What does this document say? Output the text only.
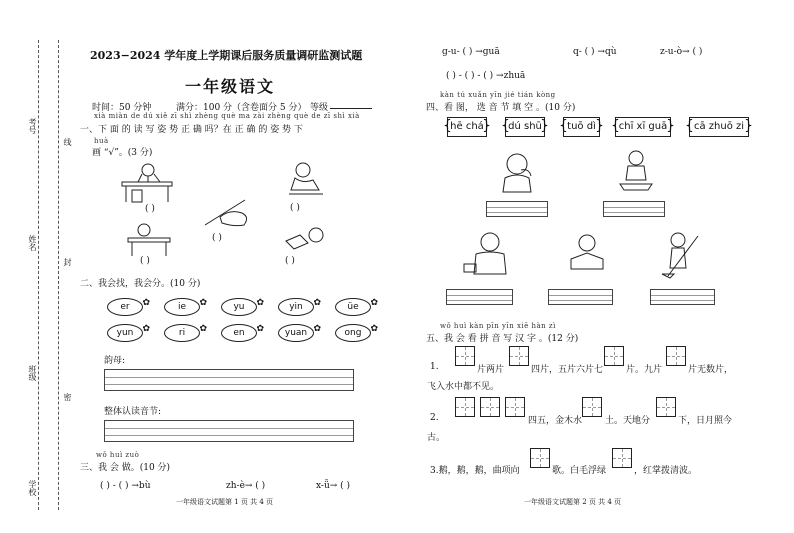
考号
线
姓名
封
班级
密
学校
2023−2024 学年度上学期课后服务质量调研监测试题
一年级语文
时间：50 分钟	满分：100 分（含卷面分 5 分） 等级
xià miàn de dú xiě zī shì zhèng què ma zài zhèng què de zī shì xià
一、下 面 的 读 写 姿 势 正 确 吗？在 正 确 的 姿 势 下
huà
画 “√”。(3 分)
( )	( )
( )
( )	( )
二、我会找，我会分。(10 分)
er ✿	ie ✿	yu ✿	yin ✿	üe ✿
yun ✿	ri ✿	en ✿	yuan ✿	ong ✿
韵母:
整体认读音节:
wǒ huì zuò
三、我 会 做。(10 分)
( ) - ( ) →bù	zh-è→ ( )	x-ǖ→ ( )
一年级语文试题第 1 页 共 4 页
g-u- ( ) →guā	q- ( ) →qù	z-u-ò→ ( )
( ) - ( ) - ( ) →zhuā
kàn tú xuǎn yīn jié tián kòng
四、看 图， 选 音 节 填 空 。(10 分)
{ hē chá }	{ dú shū }	{ tuō dì }	{ chī xī guā }	{ cā zhuō zi }
wǒ huì kàn pīn yīn xiě hàn zì
五、我 会 看 拼 音 写 汉 字 。(12 分)
1.	片两片	四片，五片六片七	片。九片	片无数片，
飞入水中都不见。
2.	四五，金木水	土。天地分	下，日月照今
古。
3.鹅，鹅，鹅，曲项向	歌。白毛浮绿	，红掌拨清波。
一年级语文试题第 2 页 共 4 页
